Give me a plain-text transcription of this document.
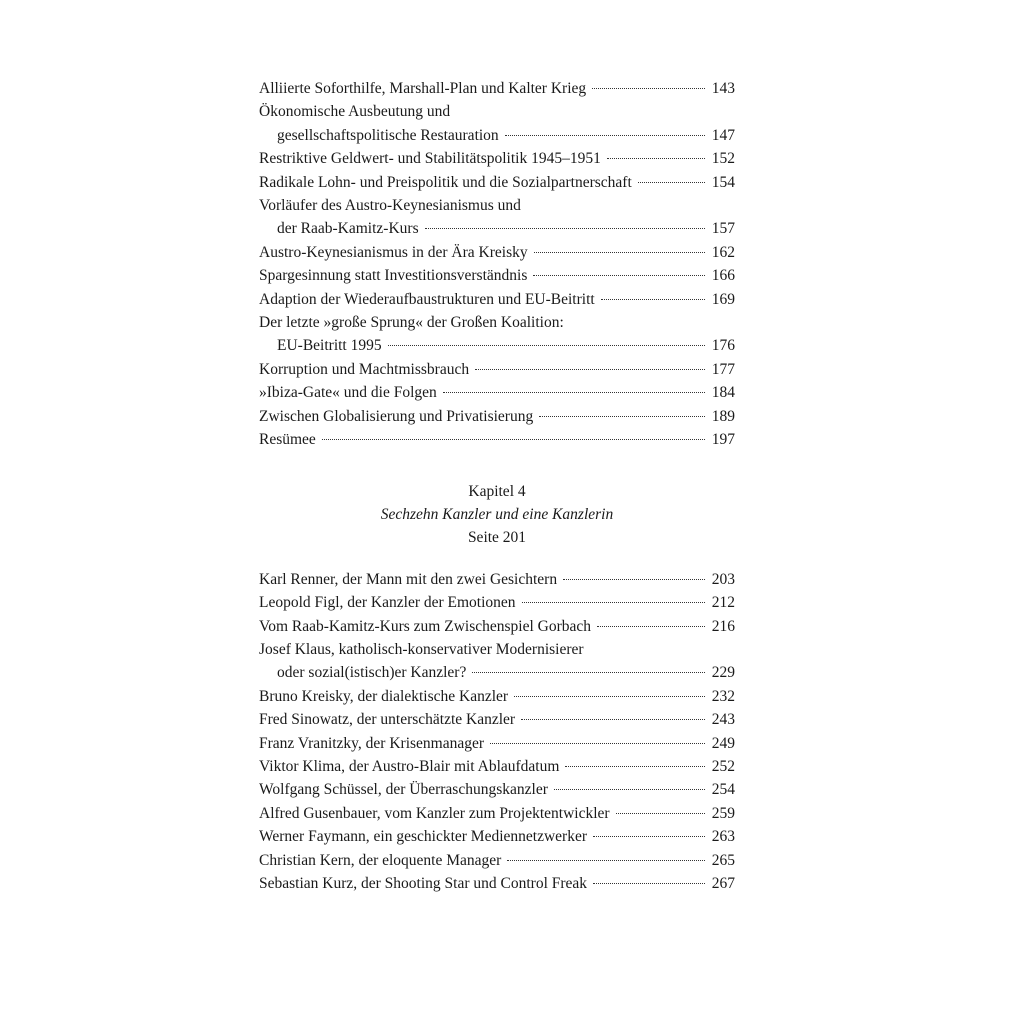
Alliierte Soforthilfe, Marshall-Plan und Kalter Krieg	143
Ökonomische Ausbeutung und
gesellschaftspolitische Restauration	147
Restriktive Geldwert- und Stabilitätspolitik 1945–1951	152
Radikale Lohn- und Preispolitik und die Sozialpartnerschaft	154
Vorläufer des Austro-Keynesianismus und
der Raab-Kamitz-Kurs	157
Austro-Keynesianismus in der Ära Kreisky	162
Spargesinnung statt Investitionsverständnis	166
Adaption der Wiederaufbaustrukturen und EU-Beitritt	169
Der letzte »große Sprung« der Großen Koalition:
EU-Beitritt 1995	176
Korruption und Machtmissbrauch	177
»Ibiza-Gate« und die Folgen	184
Zwischen Globalisierung und Privatisierung	189
Resümee	197
Kapitel 4
Sechzehn Kanzler und eine Kanzlerin
Seite 201
Karl Renner, der Mann mit den zwei Gesichtern	203
Leopold Figl, der Kanzler der Emotionen	212
Vom Raab-Kamitz-Kurs zum Zwischenspiel Gorbach	216
Josef Klaus, katholisch-konservativer Modernisierer
oder sozial(istisch)er Kanzler?	229
Bruno Kreisky, der dialektische Kanzler	232
Fred Sinowatz, der unterschätzte Kanzler	243
Franz Vranitzky, der Krisenmanager	249
Viktor Klima, der Austro-Blair mit Ablaufdatum	252
Wolfgang Schüssel, der Überraschungskanzler	254
Alfred Gusenbauer, vom Kanzler zum Projektentwickler	259
Werner Faymann, ein geschickter Mediennetzwerker	263
Christian Kern, der eloquente Manager	265
Sebastian Kurz, der Shooting Star und Control Freak	267
